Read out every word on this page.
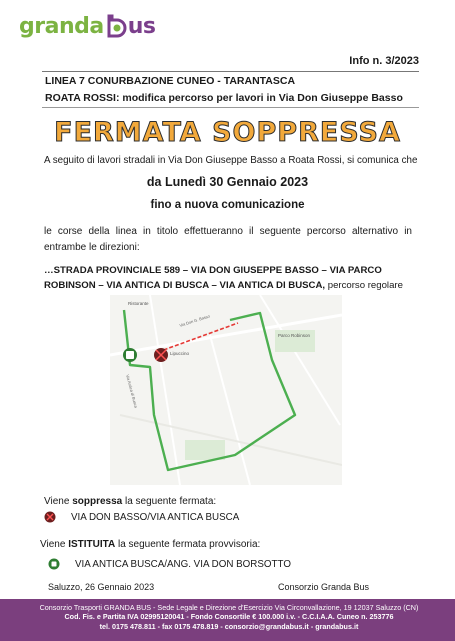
granda us
Info n. 3/2023
LINEA 7 CONURBAZIONE CUNEO - TARANTASCA
ROATA ROSSI: modifica percorso per lavori in Via Don Giuseppe Basso
FERMATA SOPPRESSA
A seguito di lavori stradali in Via Don Giuseppe Basso a Roata Rossi, si comunica che
da Lunedì 30 Gennaio 2023
fino a nuova comunicazione
le corse della linea in titolo effettueranno il seguente percorso alternativo in entrambe le direzioni:
…STRADA PROVINCIALE 589 – VIA DON GIUSEPPE BASSO – VIA PARCO ROBINSON – VIA ANTICA DI BUSCA – VIA ANTICA DI BUSCA, percorso regolare
Ristorante
Via Antica di Busca
Lipuccino
Parco Robinson
Via Don G. Basso
Viene soppressa la seguente fermata:
VIA DON BASSO/VIA ANTICA BUSCA
Viene ISTITUITA la seguente fermata provvisoria:
VIA ANTICA BUSCA/ANG. VIA DON BORSOTTO
Saluzzo, 26 Gennaio 2023	Consorzio Granda Bus
Consorzio Trasporti GRANDA BUS - Sede Legale e Direzione d'Esercizio Via Circonvallazione, 19 12037 Saluzzo (CN)
Cod. Fis. e Partita IVA 02995120041 - Fondo Consortile € 100.000 i.v. - C.C.I.A.A. Cuneo n. 253776
tel. 0175 478.811 - fax 0175 478.819 - consorzio@grandabus.it - grandabus.it
